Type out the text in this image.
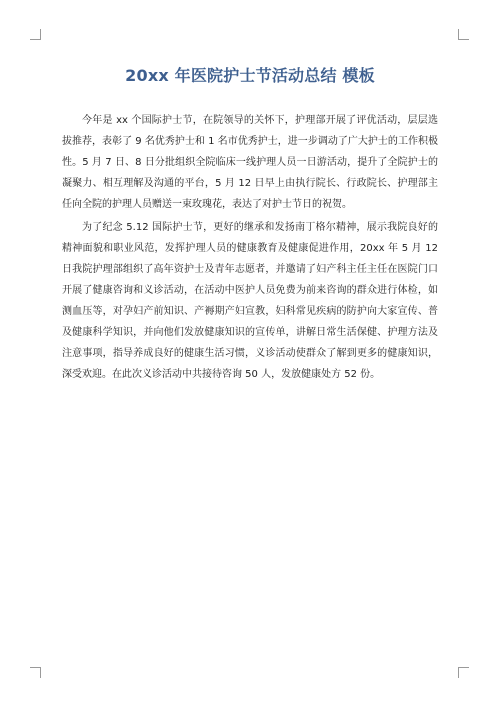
20xx 年医院护士节活动总结 模板

今年是 xx 个国际护士节，在院领导的关怀下，护理部开展了评优活动，层层选拔推荐，表彰了 9 名优秀护士和 1 名市优秀护士，进一步调动了广大护士的工作积极性。5 月 7 日、8 日分批组织全院临床一线护理人员一日游活动，提升了全院护士的凝聚力、相互理解及沟通的平台，5 月 12 日早上由执行院长、行政院长、护理部主任向全院的护理人员赠送一束玫瑰花，表达了对护士节日的祝贺。

为了纪念 5.12 国际护士节，更好的继承和发扬南丁格尔精神，展示我院良好的精神面貌和职业风范，发挥护理人员的健康教育及健康促进作用，20xx 年 5 月 12 日我院护理部组织了高年资护士及青年志愿者，并邀请了妇产科主任主任在医院门口开展了健康咨询和义诊活动，在活动中医护人员免费为前来咨询的群众进行体检，如测血压等，对孕妇产前知识、产褥期产妇宣教，妇科常见疾病的防护向大家宣传、普及健康科学知识，并向他们发放健康知识的宣传单，讲解日常生活保健、护理方法及注意事项，指导养成良好的健康生活习惯，义诊活动使群众了解到更多的健康知识，深受欢迎。在此次义诊活动中共接待咨询 50 人，发放健康处方 52 份。
